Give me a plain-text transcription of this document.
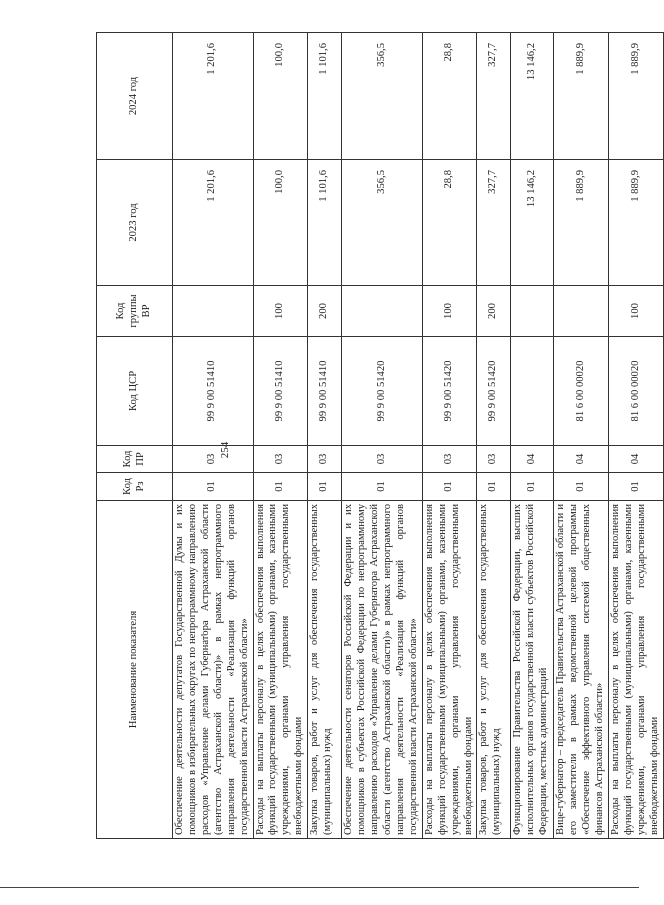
254
Наименование показателя	Код Рз	Код ПР	Код ЦСР	Код группы ВР	2023 год	2024 год
Обеспечение деятельности депутатов Государственной Думы и их помощников в избирательных округах по непрограммному направлению расходов «Управление делами Губернатора Астраханской области (агентство Астраханской области)» в рамках непрограммного направления деятельности «Реализация функций органов государственной власти Астраханской области»	01	03	99 9 00 51410		1 201,6	1 201,6
Расходы на выплаты персоналу в целях обеспечения выполнения функций государственными (муниципальными) органами, казенными учреждениями, органами управления государственными внебюджетными фондами	01	03	99 9 00 51410	100	100,0	100,0
Закупка товаров, работ и услуг для обеспечения государственных (муниципальных) нужд	01	03	99 9 00 51410	200	1 101,6	1 101,6
Обеспечение деятельности сенаторов Российской Федерации и их помощников в субъектах Российской Федерации по непрограммному направлению расходов «Управление делами Губернатора Астраханской области (агентство Астраханской области)» в рамках непрограммного направления деятельности «Реализация функций органов государственной власти Астраханской области»	01	03	99 9 00 51420		356,5	356,5
Расходы на выплаты персоналу в целях обеспечения выполнения функций государственными (муниципальными) органами, казенными учреждениями, органами управления государственными внебюджетными фондами	01	03	99 9 00 51420	100	28,8	28,8
Закупка товаров, работ и услуг для обеспечения государственных (муниципальных) нужд	01	03	99 9 00 51420	200	327,7	327,7
Функционирование Правительства Российской Федерации, высших исполнительных органов государственной власти субъектов Российской Федерации, местных администраций	01	04			13 146,2	13 146,2
Вице-губернатор – председатель Правительства Астраханской области и его заместители в рамках ведомственной целевой программы «Обеспечение эффективного управления системой общественных финансов Астраханской области»	01	04	81 6 00 00020		1 889,9	1 889,9
Расходы на выплаты персоналу в целях обеспечения выполнения функций государственными (муниципальными) органами, казенными учреждениями, органами управления государственными внебюджетными фондами	01	04	81 6 00 00020	100	1 889,9	1 889,9
